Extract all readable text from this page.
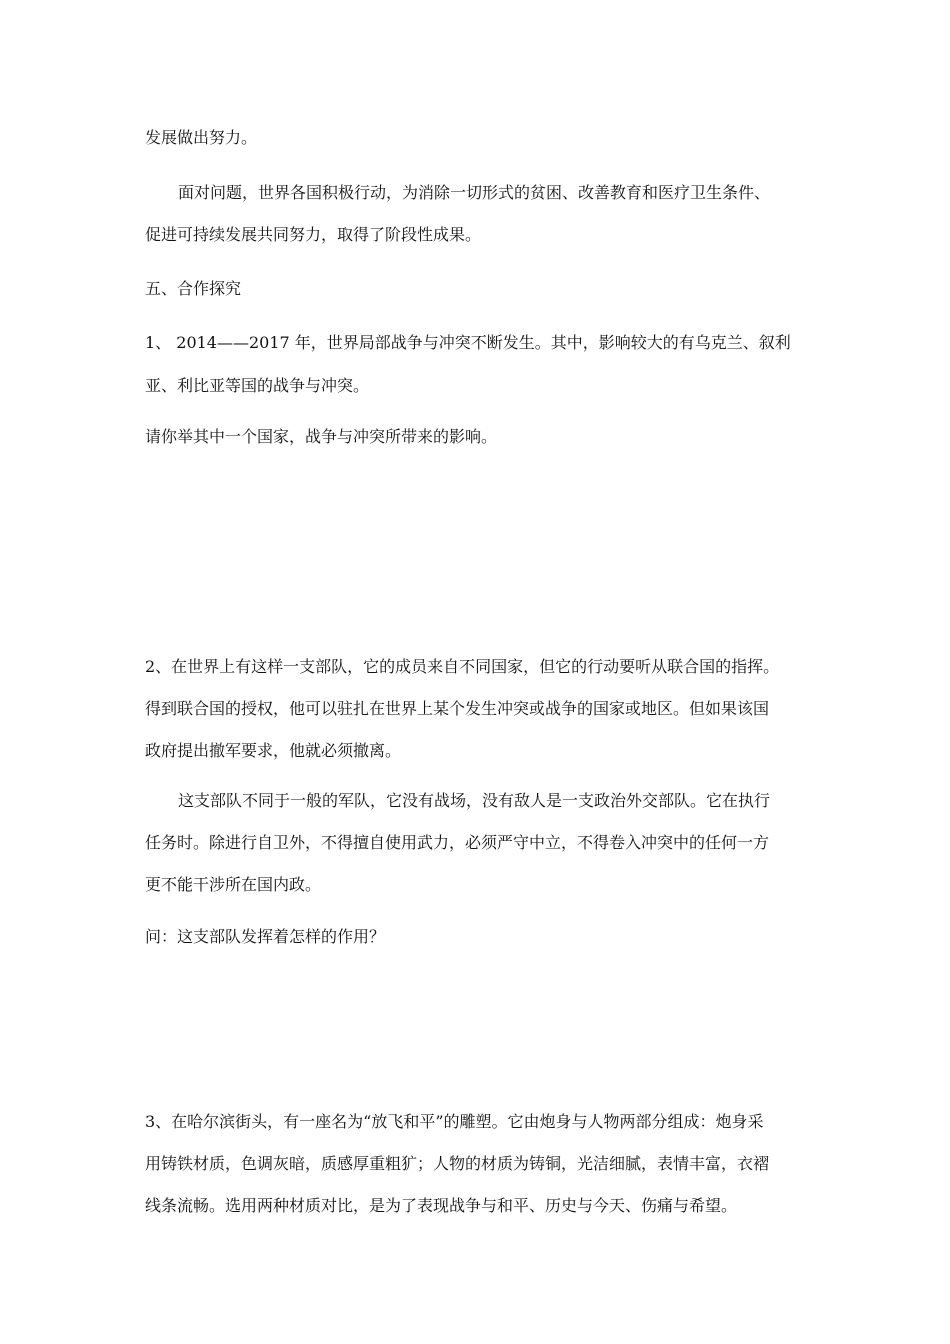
发展做出努力。
面对问题，世界各国积极行动，为消除一切形式的贫困、改善教育和医疗卫生条件、
促进可持续发展共同努力，取得了阶段性成果。
五、合作探究
1、 2014——2017 年，世界局部战争与冲突不断发生。其中，影响较大的有乌克兰、叙利
亚、利比亚等国的战争与冲突。
请你举其中一个国家，战争与冲突所带来的影响。
2、在世界上有这样一支部队，它的成员来自不同国家，但它的行动要听从联合国的指挥。
得到联合国的授权，他可以驻扎在世界上某个发生冲突或战争的国家或地区。但如果该国
政府提出撤军要求，他就必须撤离。
这支部队不同于一般的军队，它没有战场，没有敌人是一支政治外交部队。它在执行
任务时。除进行自卫外，不得擅自使用武力，必须严守中立，不得卷入冲突中的任何一方
更不能干涉所在国内政。
问：这支部队发挥着怎样的作用？
3、在哈尔滨街头，有一座名为“放飞和平”的雕塑。它由炮身与人物两部分组成：炮身采
用铸铁材质，色调灰暗，质感厚重粗犷；人物的材质为铸铜，光洁细腻，表情丰富，衣褶
线条流畅。选用两种材质对比，是为了表现战争与和平、历史与今天、伤痛与希望。
